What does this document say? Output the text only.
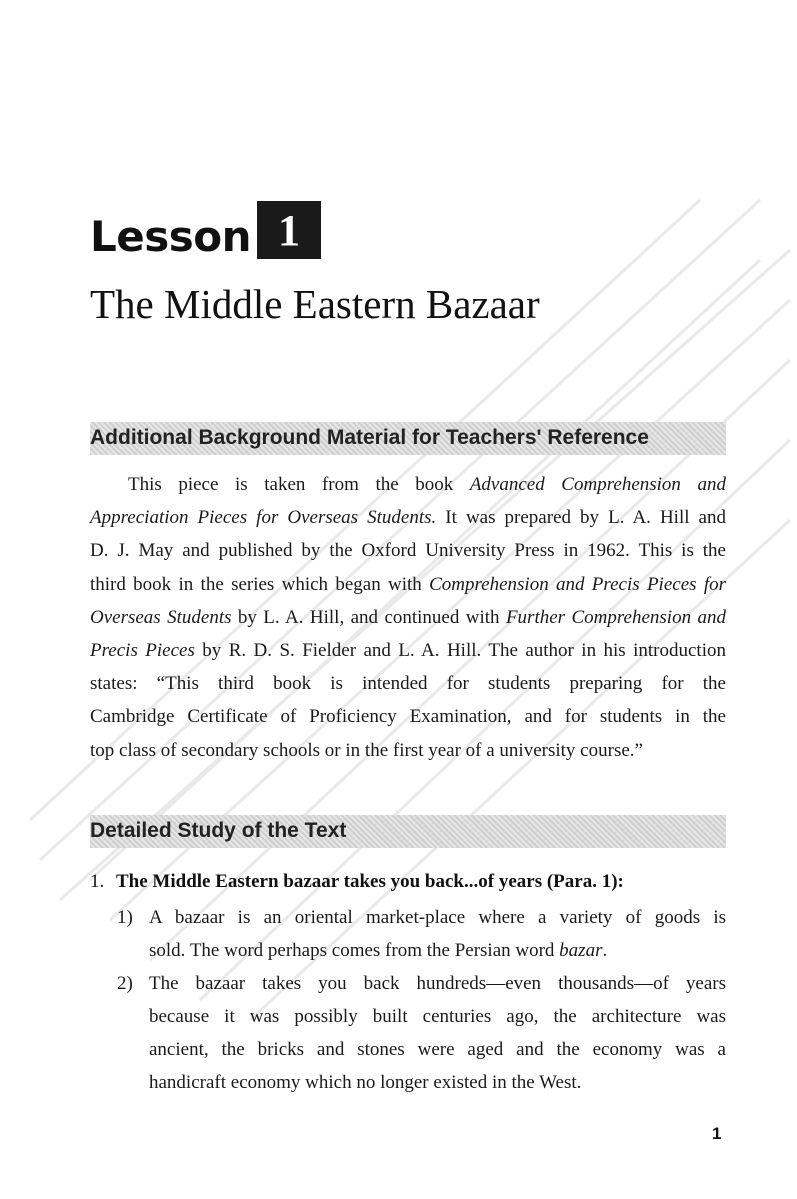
Lesson 1
The Middle Eastern Bazaar
Additional Background Material for Teachers' Reference
This piece is taken from the book Advanced Comprehension and
Appreciation Pieces for Overseas Students. It was prepared by L. A. Hill and
D. J. May and published by the Oxford University Press in 1962. This is the
third book in the series which began with Comprehension and Precis Pieces for
Overseas Students by L. A. Hill, and continued with Further Comprehension and
Precis Pieces by R. D. S. Fielder and L. A. Hill. The author in his introduction
states: “This third book is intended for students preparing for the
Cambridge Certificate of Proficiency Examination, and for students in the
top class of secondary schools or in the first year of a university course.”
Detailed Study of the Text
1. The Middle Eastern bazaar takes you back...of years (Para. 1):
1) A bazaar is an oriental market-place where a variety of goods is
sold. The word perhaps comes from the Persian word bazar.
2) The bazaar takes you back hundreds—even thousands—of years
because it was possibly built centuries ago, the architecture was
ancient, the bricks and stones were aged and the economy was a
handicraft economy which no longer existed in the West.
1
